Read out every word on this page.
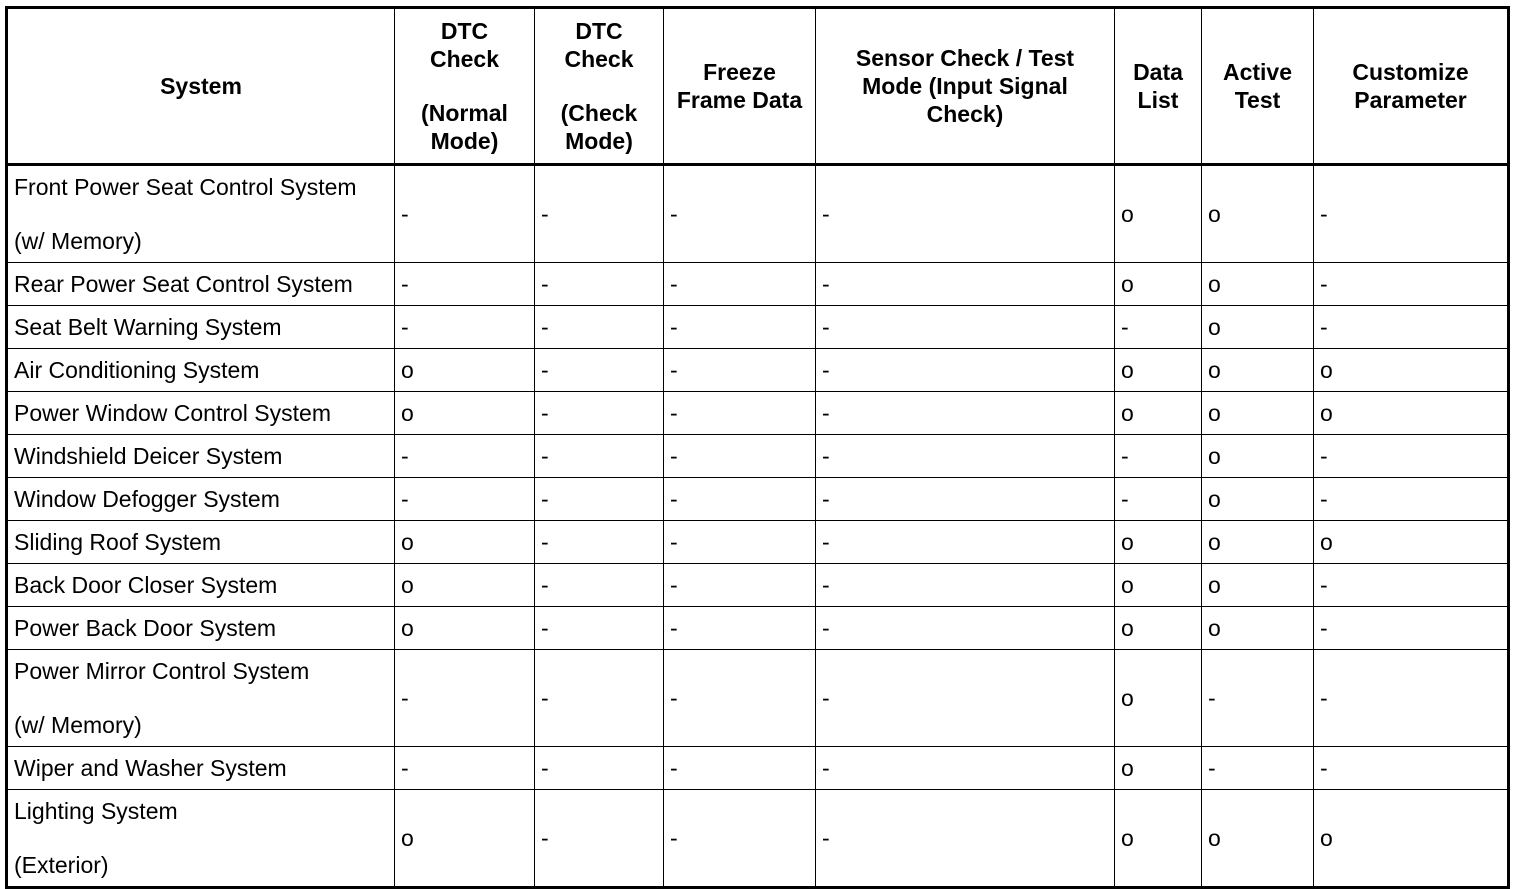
System	DTC
Check
(Normal
Mode)	DTC
Check
(Check
Mode)	Freeze
Frame Data	Sensor Check / Test
Mode (Input Signal
Check)	Data
List	Active
Test	Customize
Parameter

Front Power Seat Control System
(w/ Memory)	-	-	-	-	o	o	-
Rear Power Seat Control System	-	-	-	-	o	o	-
Seat Belt Warning System	-	-	-	-	-	o	-
Air Conditioning System	o	-	-	-	o	o	o
Power Window Control System	o	-	-	-	o	o	o
Windshield Deicer System	-	-	-	-	-	o	-
Window Defogger System	-	-	-	-	-	o	-
Sliding Roof System	o	-	-	-	o	o	o
Back Door Closer System	o	-	-	-	o	o	-
Power Back Door System	o	-	-	-	o	o	-
Power Mirror Control System
(w/ Memory)	-	-	-	-	o	-	-
Wiper and Washer System	-	-	-	-	o	-	-
Lighting System
(Exterior)	o	-	-	-	o	o	o
